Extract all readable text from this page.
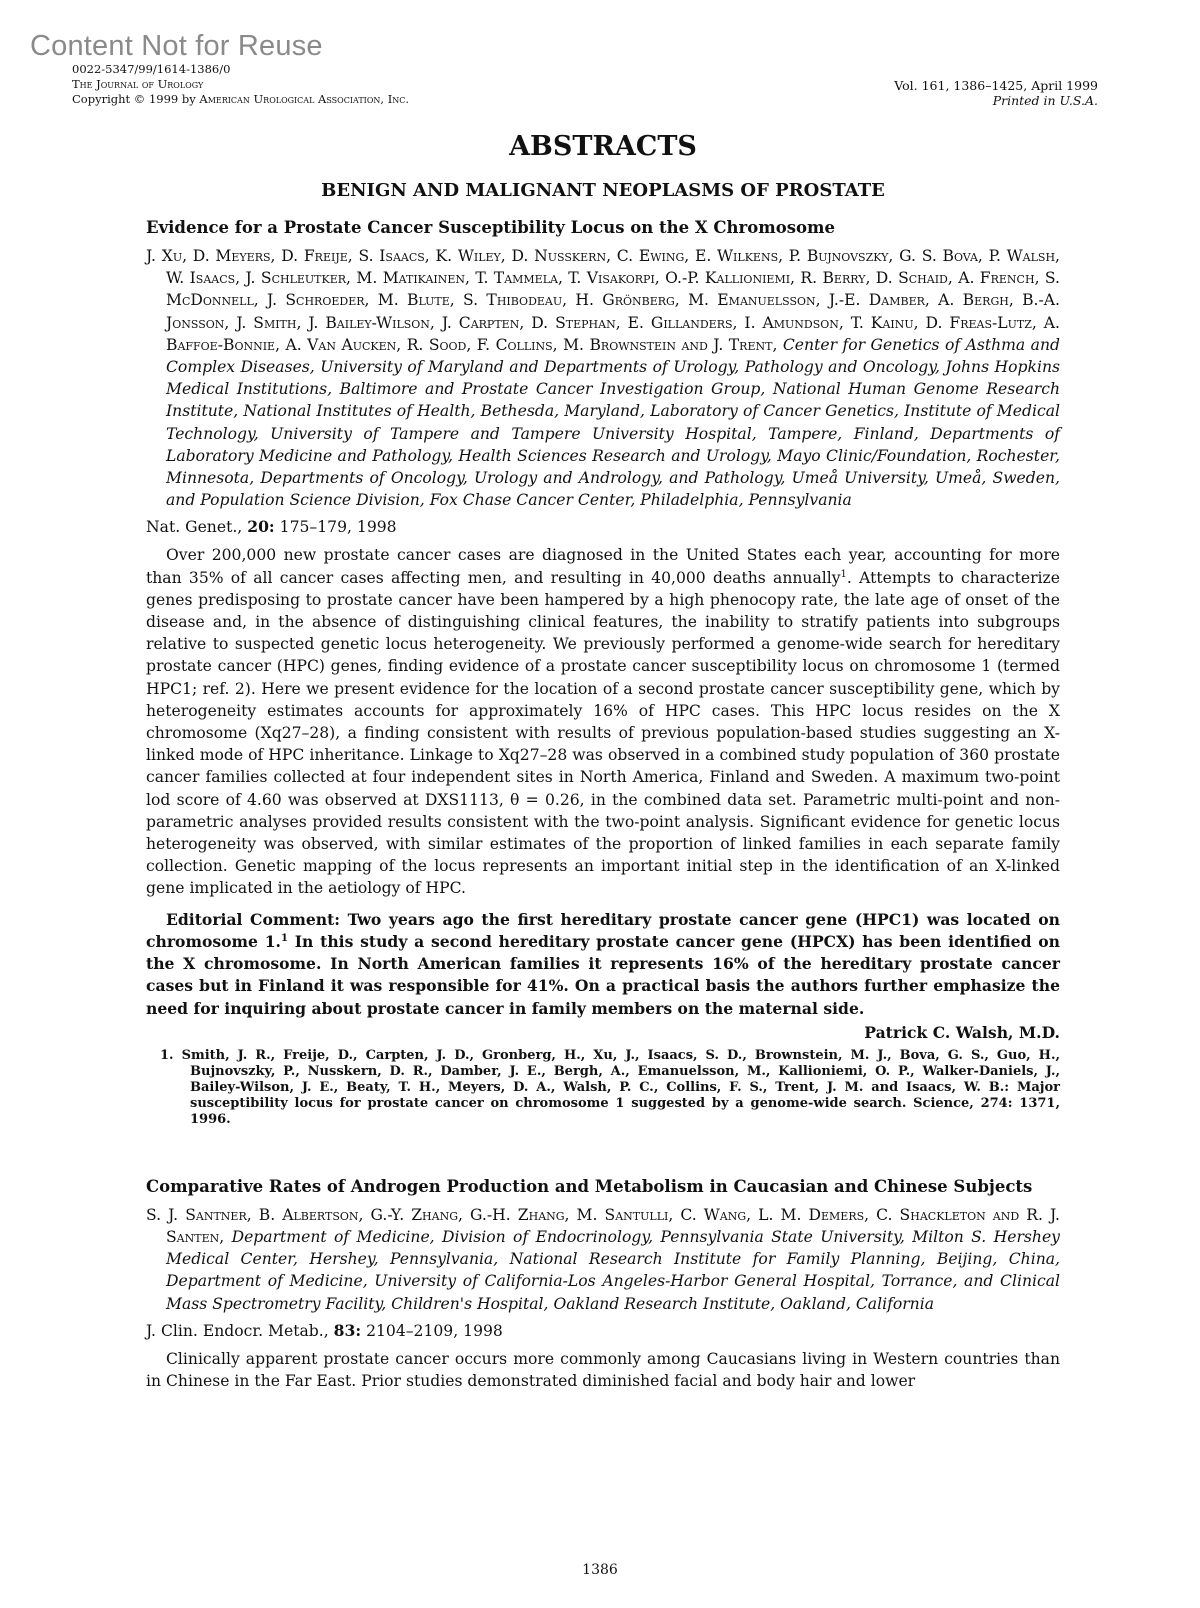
Content Not for Reuse
0022-5347/99/1614-1386/0
The Journal of Urology
Copyright © 1999 by American Urological Association, Inc.
Vol. 161, 1386–1425, April 1999
Printed in U.S.A.
ABSTRACTS
BENIGN AND MALIGNANT NEOPLASMS OF PROSTATE
Evidence for a Prostate Cancer Susceptibility Locus on the X Chromosome

J. Xu, D. Meyers, D. Freije, S. Isaacs, K. Wiley, D. Nusskern, C. Ewing, E. Wilkens, P. Bujnovszky, G. S. Bova, P. Walsh, W. Isaacs, J. Schleutker, M. Matikainen, T. Tammela, T. Visakorpi, O.-P. Kallioniemi, R. Berry, D. Schaid, A. French, S. McDonnell, J. Schroeder, M. Blute, S. Thibodeau, H. Grönberg, M. Emanuelsson, J.-E. Damber, A. Bergh, B.-A. Jonsson, J. Smith, J. Bailey-Wilson, J. Carpten, D. Stephan, E. Gillanders, I. Amundson, T. Kainu, D. Freas-Lutz, A. Baffoe-Bonnie, A. Van Aucken, R. Sood, F. Collins, M. Brownstein and J. Trent, Center for Genetics of Asthma and Complex Diseases, University of Maryland and Departments of Urology, Pathology and Oncology, Johns Hopkins Medical Institutions, Baltimore and Prostate Cancer Investigation Group, National Human Genome Research Institute, National Institutes of Health, Bethesda, Maryland, Laboratory of Cancer Genetics, Institute of Medical Technology, University of Tampere and Tampere University Hospital, Tampere, Finland, Departments of Laboratory Medicine and Pathology, Health Sciences Research and Urology, Mayo Clinic/Foundation, Rochester, Minnesota, Departments of Oncology, Urology and Andrology, and Pathology, Umeå University, Umeå, Sweden, and Population Science Division, Fox Chase Cancer Center, Philadelphia, Pennsylvania

Nat. Genet., 20: 175–179, 1998

Over 200,000 new prostate cancer cases are diagnosed in the United States each year, accounting for more than 35% of all cancer cases affecting men, and resulting in 40,000 deaths annually$^1$. Attempts to characterize genes predisposing to prostate cancer have been hampered by a high phenocopy rate, the late age of onset of the disease and, in the absence of distinguishing clinical features, the inability to stratify patients into subgroups relative to suspected genetic locus heterogeneity. We previously performed a genome-wide search for hereditary prostate cancer (HPC) genes, finding evidence of a prostate cancer susceptibility locus on chromosome 1 (termed HPC1; ref. 2). Here we present evidence for the location of a second prostate cancer susceptibility gene, which by heterogeneity estimates accounts for approximately 16% of HPC cases. This HPC locus resides on the X chromosome (Xq27–28), a finding consistent with results of previous population-based studies suggesting an X-linked mode of HPC inheritance. Linkage to Xq27–28 was observed in a combined study population of 360 prostate cancer families collected at four independent sites in North America, Finland and Sweden. A maximum two-point lod score of 4.60 was observed at DXS1113, θ = 0.26, in the combined data set. Parametric multi-point and non-parametric analyses provided results consistent with the two-point analysis. Significant evidence for genetic locus heterogeneity was observed, with similar estimates of the proportion of linked families in each separate family collection. Genetic mapping of the locus represents an important initial step in the identification of an X-linked gene implicated in the aetiology of HPC.

Editorial Comment: Two years ago the first hereditary prostate cancer gene (HPC1) was located on chromosome 1.$^1$ In this study a second hereditary prostate cancer gene (HPCX) has been identified on the X chromosome. In North American families it represents 16% of the hereditary prostate cancer cases but in Finland it was responsible for 41%. On a practical basis the authors further emphasize the need for inquiring about prostate cancer in family members on the maternal side.

Patrick C. Walsh, M.D.

1. Smith, J. R., Freije, D., Carpten, J. D., Gronberg, H., Xu, J., Isaacs, S. D., Brownstein, M. J., Bova, G. S., Guo, H., Bujnovszky, P., Nusskern, D. R., Damber, J. E., Bergh, A., Emanuelsson, M., Kallioniemi, O. P., Walker-Daniels, J., Bailey-Wilson, J. E., Beaty, T. H., Meyers, D. A., Walsh, P. C., Collins, F. S., Trent, J. M. and Isaacs, W. B.: Major susceptibility locus for prostate cancer on chromosome 1 suggested by a genome-wide search. Science, 274: 1371, 1996.

Comparative Rates of Androgen Production and Metabolism in Caucasian and Chinese Subjects

S. J. Santner, B. Albertson, G.-Y. Zhang, G.-H. Zhang, M. Santulli, C. Wang, L. M. Demers, C. Shackleton and R. J. Santen, Department of Medicine, Division of Endocrinology, Pennsylvania State University, Milton S. Hershey Medical Center, Hershey, Pennsylvania, National Research Institute for Family Planning, Beijing, China, Department of Medicine, University of California-Los Angeles-Harbor General Hospital, Torrance, and Clinical Mass Spectrometry Facility, Children's Hospital, Oakland Research Institute, Oakland, California

J. Clin. Endocr. Metab., 83: 2104–2109, 1998

Clinically apparent prostate cancer occurs more commonly among Caucasians living in Western countries than in Chinese in the Far East. Prior studies demonstrated diminished facial and body hair and lower

1386
